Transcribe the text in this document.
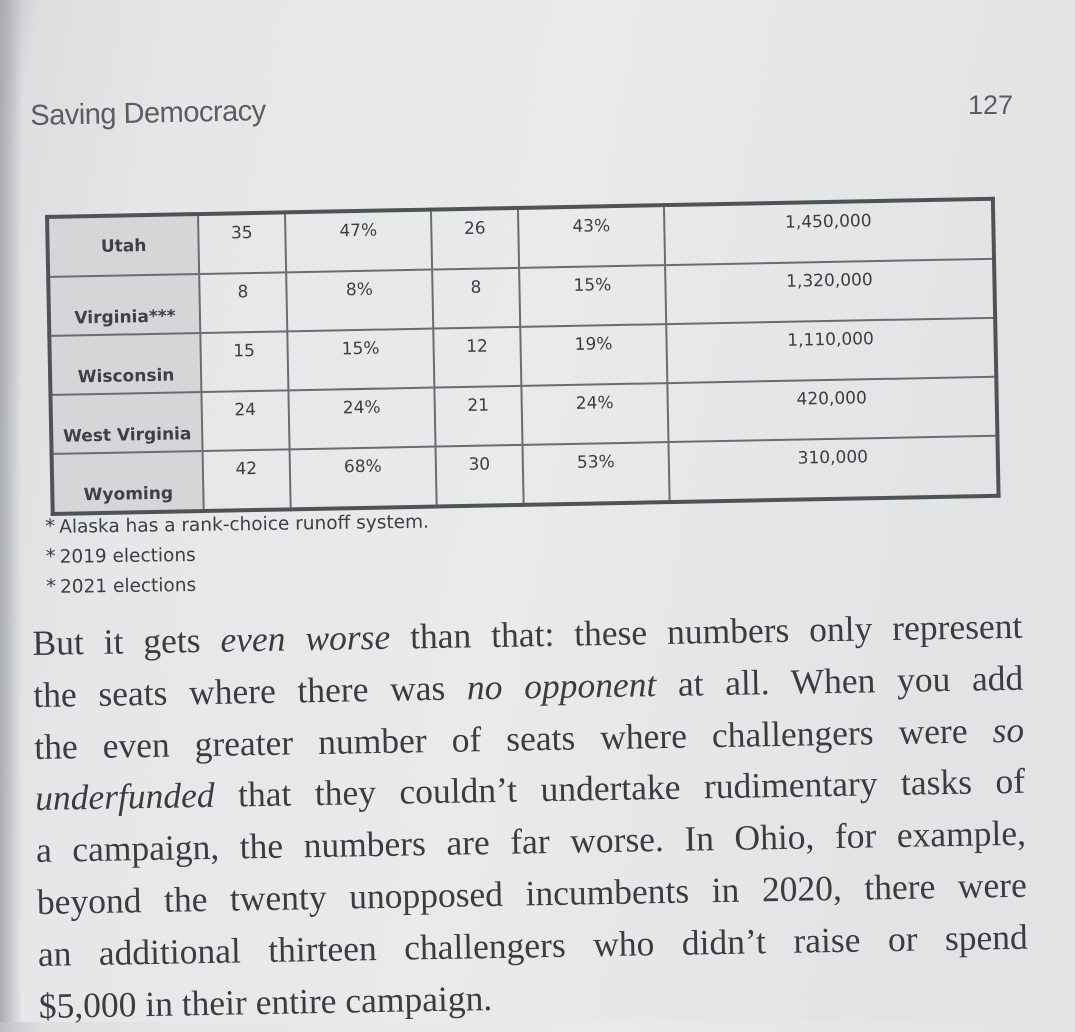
Saving Democracy	127
Utah	35	47%	26	43%	1,450,000
Virginia***	8	8%	8	15%	1,320,000
Wisconsin	15	15%	12	19%	1,110,000
West Virginia	24	24%	21	24%	420,000
Wyoming	42	68%	30	53%	310,000
* Alaska has a rank-choice runoff system.
* 2019 elections
* 2021 elections
But it gets even worse than that: these numbers only represent
the seats where there was no opponent at all. When you add
the even greater number of seats where challengers were so
underfunded that they couldn’t undertake rudimentary tasks of
a campaign, the numbers are far worse. In Ohio, for example,
beyond the twenty unopposed incumbents in 2020, there were
an additional thirteen challengers who didn’t raise or spend
$5,000 in their entire campaign.
